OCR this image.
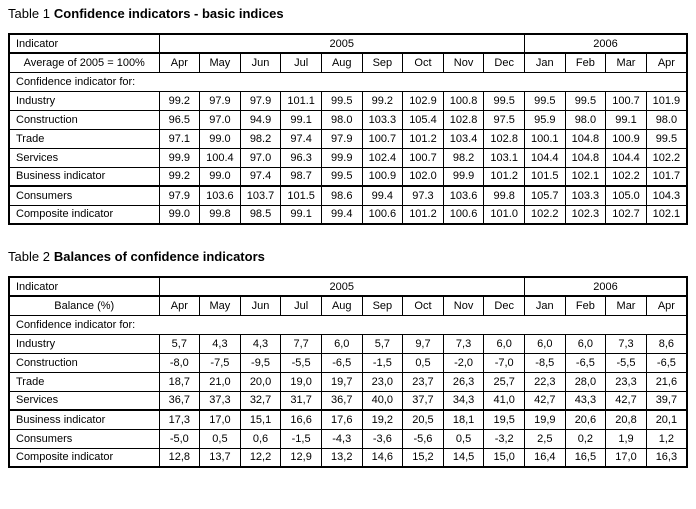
Table 1 Confidence indicators - basic indices
Indicator	2005									2006			
Average of 2005 = 100%	Apr	May	Jun	Jul	Aug	Sep	Oct	Nov	Dec	Jan	Feb	Mar	Apr
Confidence indicator for:													
Industry	99.2	97.9	97.9	101.1	99.5	99.2	102.9	100.8	99.5	99.5	99.5	100.7	101.9
Construction	96.5	97.0	94.9	99.1	98.0	103.3	105.4	102.8	97.5	95.9	98.0	99.1	98.0
Trade	97.1	99.0	98.2	97.4	97.9	100.7	101.2	103.4	102.8	100.1	104.8	100.9	99.5
Services	99.9	100.4	97.0	96.3	99.9	102.4	100.7	98.2	103.1	104.4	104.8	104.4	102.2
Business indicator	99.2	99.0	97.4	98.7	99.5	100.9	102.0	99.9	101.2	101.5	102.1	102.2	101.7
Consumers	97.9	103.6	103.7	101.5	98.6	99.4	97.3	103.6	99.8	105.7	103.3	105.0	104.3
Composite indicator	99.0	99.8	98.5	99.1	99.4	100.6	101.2	100.6	101.0	102.2	102.3	102.7	102.1
Table 2 Balances of confidence indicators
Indicator	2005									2006			
Balance (%)	Apr	May	Jun	Jul	Aug	Sep	Oct	Nov	Dec	Jan	Feb	Mar	Apr
Confidence indicator for:													
Industry	5,7	4,3	4,3	7,7	6,0	5,7	9,7	7,3	6,0	6,0	6,0	7,3	8,6
Construction	-8,0	-7,5	-9,5	-5,5	-6,5	-1,5	0,5	-2,0	-7,0	-8,5	-6,5	-5,5	-6,5
Trade	18,7	21,0	20,0	19,0	19,7	23,0	23,7	26,3	25,7	22,3	28,0	23,3	21,6
Services	36,7	37,3	32,7	31,7	36,7	40,0	37,7	34,3	41,0	42,7	43,3	42,7	39,7
Business indicator	17,3	17,0	15,1	16,6	17,6	19,2	20,5	18,1	19,5	19,9	20,6	20,8	20,1
Consumers	-5,0	0,5	0,6	-1,5	-4,3	-3,6	-5,6	0,5	-3,2	2,5	0,2	1,9	1,2
Composite indicator	12,8	13,7	12,2	12,9	13,2	14,6	15,2	14,5	15,0	16,4	16,5	17,0	16,3
